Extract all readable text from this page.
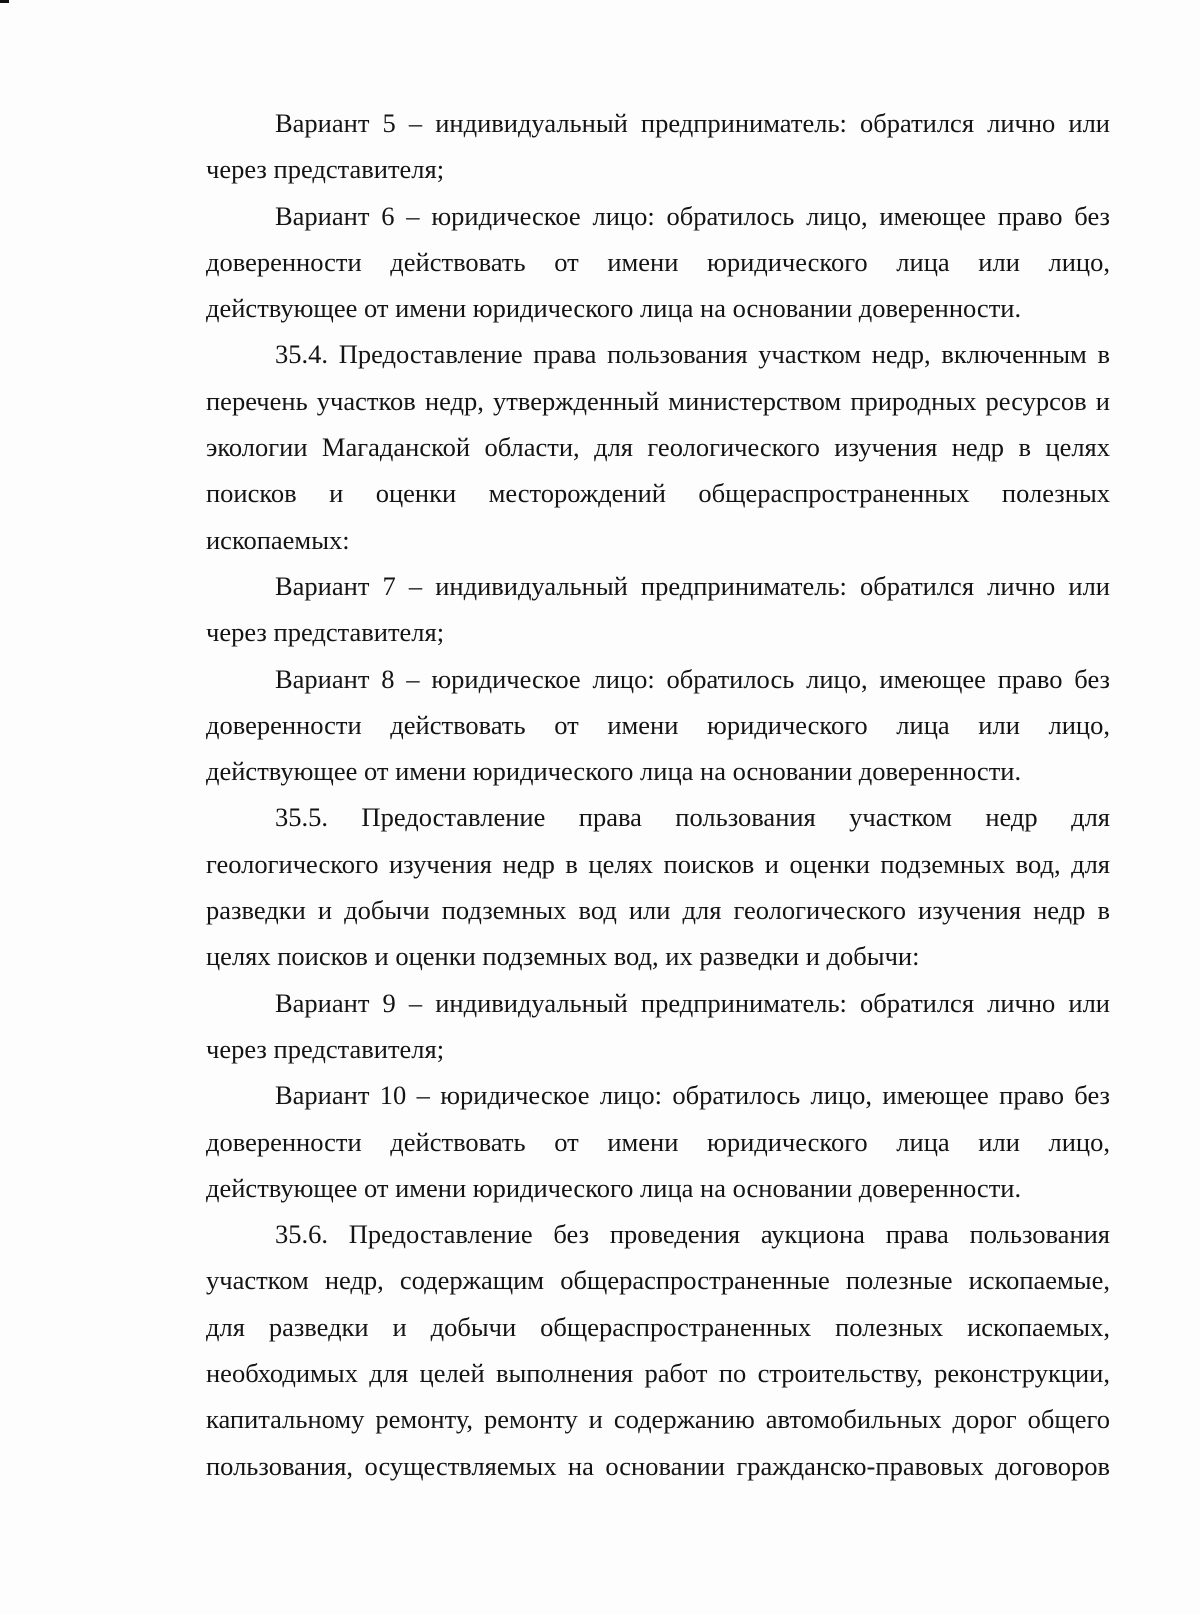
Вариант 5 – индивидуальный предприниматель: обратился лично или
через представителя;

Вариант 6 – юридическое лицо: обратилось лицо, имеющее право без
доверенности действовать от имени юридического лица или лицо,
действующее от имени юридического лица на основании доверенности.

35.4. Предоставление права пользования участком недр, включенным в
перечень участков недр, утвержденный министерством природных ресурсов и
экологии Магаданской области, для геологического изучения недр в целях
поисков и оценки месторождений общераспространенных полезных
ископаемых:

Вариант 7 – индивидуальный предприниматель: обратился лично или
через представителя;

Вариант 8 – юридическое лицо: обратилось лицо, имеющее право без
доверенности действовать от имени юридического лица или лицо,
действующее от имени юридического лица на основании доверенности.

35.5. Предоставление права пользования участком недр для
геологического изучения недр в целях поисков и оценки подземных вод, для
разведки и добычи подземных вод или для геологического изучения недр в
целях поисков и оценки подземных вод, их разведки и добычи:

Вариант 9 – индивидуальный предприниматель: обратился лично или
через представителя;

Вариант 10 – юридическое лицо: обратилось лицо, имеющее право без
доверенности действовать от имени юридического лица или лицо,
действующее от имени юридического лица на основании доверенности.

35.6. Предоставление без проведения аукциона права пользования
участком недр, содержащим общераспространенные полезные ископаемые,
для разведки и добычи общераспространенных полезных ископаемых,
необходимых для целей выполнения работ по строительству, реконструкции,
капитальному ремонту, ремонту и содержанию автомобильных дорог общего
пользования, осуществляемых на основании гражданско-правовых договоров
